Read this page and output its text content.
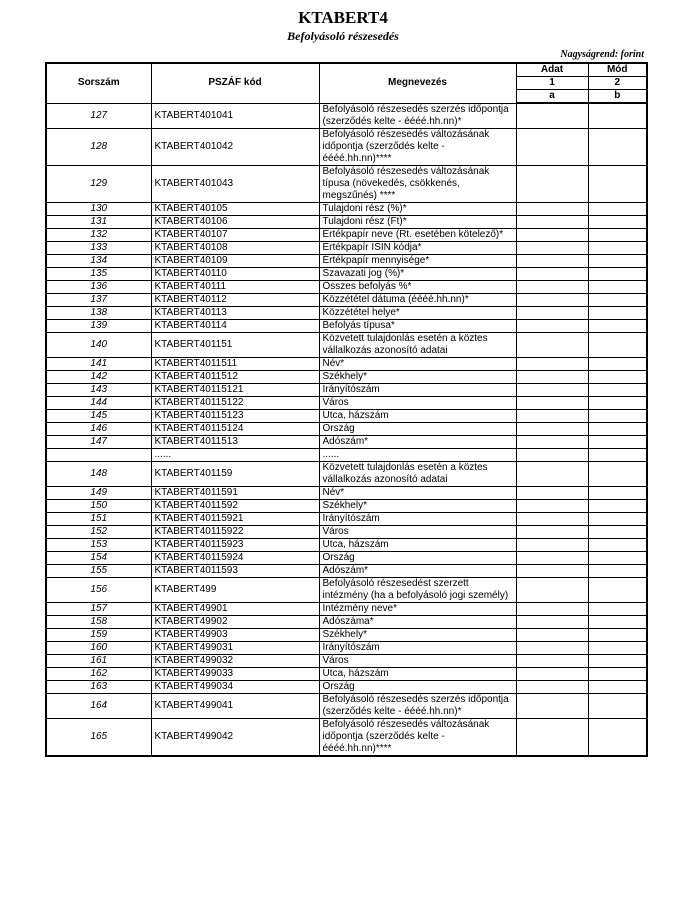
KTABERT4
Befolyásoló részesedés
Nagyságrend: forint
Sorszám	PSZÁF kód	Megnevezés	Adat	Mód
			1	2
			a	b
127	KTABERT401041	Befolyásoló részesedés szerzés időpontja (szerződés kelte - éééé.hh.nn)*		
128	KTABERT401042	Befolyásoló részesedés változásának időpontja (szerződés kelte - éééé.hh.nn)****		
129	KTABERT401043	Befolyásoló részesedés változásának típusa (növekedés, csökkenés, megszűnés) ****		
130	KTABERT40105	Tulajdoni rész (%)*		
131	KTABERT40106	Tulajdoni rész (Ft)*		
132	KTABERT40107	Értékpapír neve (Rt. esetében kötelező)*		
133	KTABERT40108	Értékpapír ISIN kódja*		
134	KTABERT40109	Értékpapír mennyisége*		
135	KTABERT40110	Szavazati jog (%)*		
136	KTABERT40111	Összes befolyás %*		
137	KTABERT40112	Közzététel dátuma (éééé.hh.nn)*		
138	KTABERT40113	Közzététel helye*		
139	KTABERT40114	Befolyás típusa*		
140	KTABERT401151	Közvetett tulajdonlás esetén a köztes vállalkozás azonosító adatai		
141	KTABERT4011511	Név*		
142	KTABERT4011512	Székhely*		
143	KTABERT40115121	Irányítószám		
144	KTABERT40115122	Város		
145	KTABERT40115123	Utca, házszám		
146	KTABERT40115124	Ország		
147	KTABERT4011513	Adószám*		
	......	......		
148	KTABERT401159	Közvetett tulajdonlás esetén a köztes vállalkozás azonosító adatai		
149	KTABERT4011591	Név*		
150	KTABERT4011592	Székhely*		
151	KTABERT40115921	Irányítószám		
152	KTABERT40115922	Város		
153	KTABERT40115923	Utca, házszám		
154	KTABERT40115924	Ország		
155	KTABERT4011593	Adószám*		
156	KTABERT499	Befolyásoló részesedést szerzett intézmény (ha a befolyásoló jogi személy)		
157	KTABERT49901	Intézmény neve*		
158	KTABERT49902	Adószáma*		
159	KTABERT49903	Székhely*		
160	KTABERT499031	Irányítószám		
161	KTABERT499032	Város		
162	KTABERT499033	Utca, házszám		
163	KTABERT499034	Ország		
164	KTABERT499041	Befolyásoló részesedés szerzés időpontja (szerződés kelte - éééé.hh.nn)*		
165	KTABERT499042	Befolyásoló részesedés változásának időpontja (szerződés kelte - éééé.hh.nn)****		
